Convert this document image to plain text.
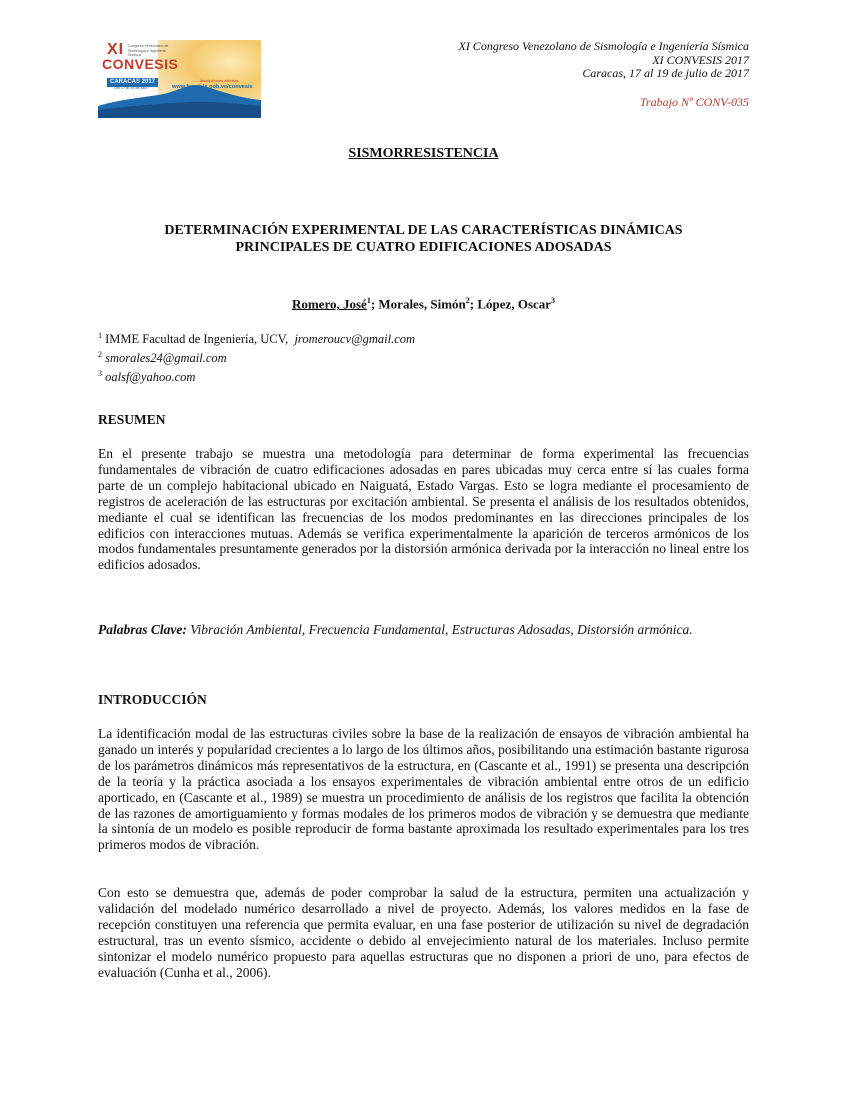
XI
CONVESIS
Congreso Venezolano de Sismología e Ingeniería Sísmica
CARACAS 2017
Del 17 al 19 de julio
inscripciones abiertas
www.funvisis.gob.ve/convesis
XI Congreso Venezolano de Sismología e Ingeniería Sísmica
XI CONVESIS 2017
Caracas, 17 al 19 de julio de 2017
Trabajo Nº CONV-035
SISMORRESISTENCIA
DETERMINACIÓN EXPERIMENTAL DE LAS CARACTERÍSTICAS DINÁMICAS
PRINCIPALES DE CUATRO EDIFICACIONES ADOSADAS
Romero, José$^1$; Morales, Simón$^2$; López, Oscar$^3$
$^1$ IMME Facultad de Ingeniería, UCV, jromeroucv@gmail.com
$^2$ smorales24@gmail.com
$^3$ oalsf@yahoo.com
RESUMEN

En el presente trabajo se muestra una metodología para determinar de forma experimental las frecuencias fundamentales de vibración de cuatro edificaciones adosadas en pares ubicadas muy cerca entre sí las cuales forma parte de un complejo habitacional ubicado en Naiguatá, Estado Vargas. Esto se logra mediante el procesamiento de registros de aceleración de las estructuras por excitación ambiental. Se presenta el análisis de los resultados obtenidos, mediante el cual se identifican las frecuencias de los modos predominantes en las direcciones principales de los edificios con interacciones mutuas. Además se verifica experimentalmente la aparición de terceros armónicos de los modos fundamentales presuntamente generados por la distorsión armónica derivada por la interacción no lineal entre los edificios adosados.

Palabras Clave: Vibración Ambiental, Frecuencia Fundamental, Estructuras Adosadas, Distorsión armónica.
INTRODUCCIÓN

La identificación modal de las estructuras civiles sobre la base de la realización de ensayos de vibración ambiental ha ganado un interés y popularidad crecientes a lo largo de los últimos años, posibilitando una estimación bastante rigurosa de los parámetros dinámicos más representativos de la estructura, en (Cascante et al., 1991) se presenta una descripción de la teoría y la práctica asociada a los ensayos experimentales de vibración ambiental entre otros de un edificio aporticado, en (Cascante et al., 1989) se muestra un procedimiento de análisis de los registros que facilita la obtención de las razones de amortiguamiento y formas modales de los primeros modos de vibración y se demuestra que mediante la sintonía de un modelo es posible reproducir de forma bastante aproximada los resultado experimentales para los tres primeros modos de vibración.

Con esto se demuestra que, además de poder comprobar la salud de la estructura, permiten una actualización y validación del modelado numérico desarrollado a nivel de proyecto. Además, los valores medidos en la fase de recepción constituyen una referencia que permita evaluar, en una fase posterior de utilización su nivel de degradación estructural, tras un evento sísmico, accidente o debido al envejecimiento natural de los materiales. Incluso permite sintonizar el modelo numérico propuesto para aquellas estructuras que no disponen a priori de uno, para efectos de evaluación (Cunha et al., 2006).
